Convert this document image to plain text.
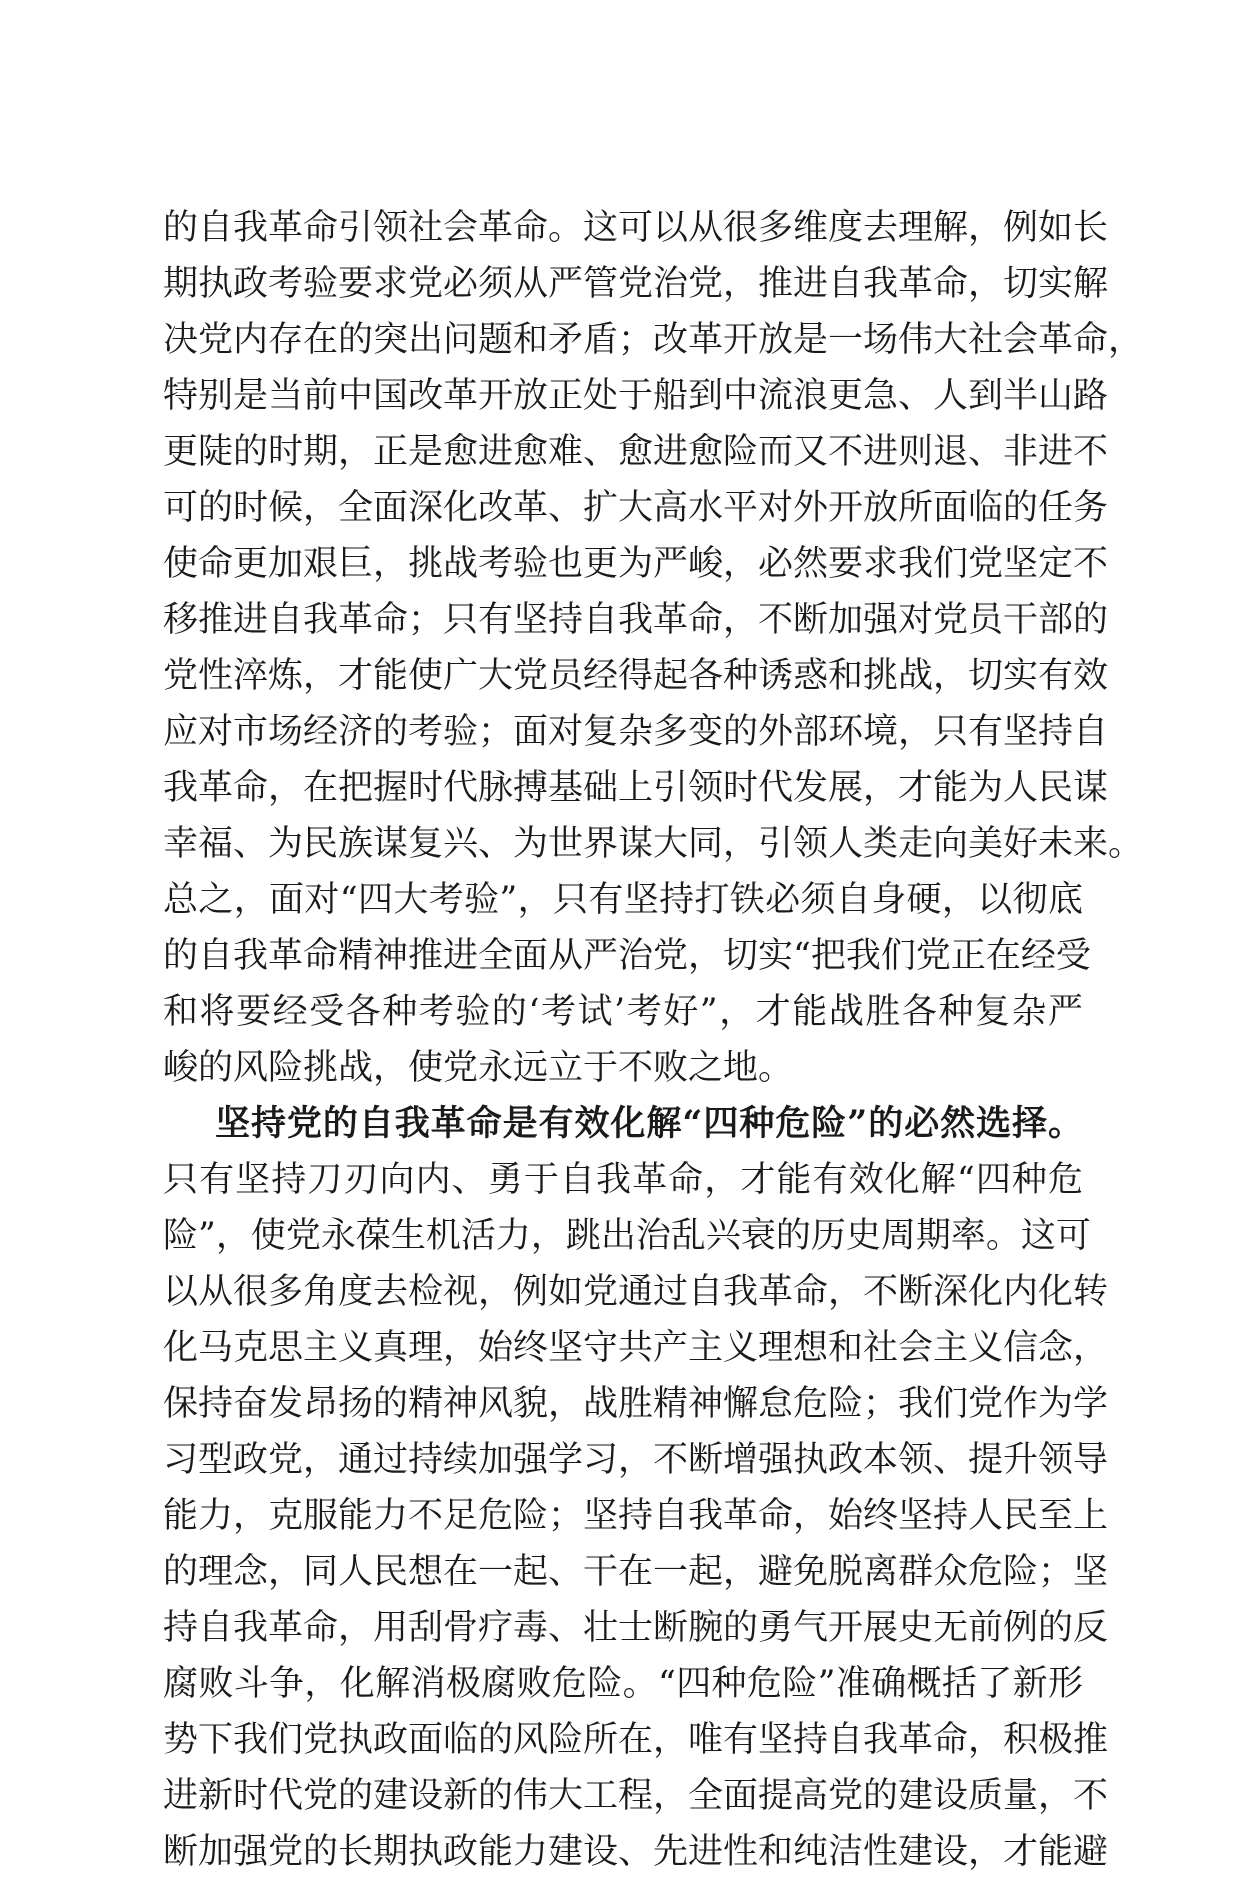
的自我革命引领社会革命。这可以从很多维度去理解，例如长
期执政考验要求党必须从严管党治党，推进自我革命，切实解
决党内存在的突出问题和矛盾；改革开放是一场伟大社会革命，
特别是当前中国改革开放正处于船到中流浪更急、人到半山路
更陡的时期，正是愈进愈难、愈进愈险而又不进则退、非进不
可的时候，全面深化改革、扩大高水平对外开放所面临的任务
使命更加艰巨，挑战考验也更为严峻，必然要求我们党坚定不
移推进自我革命；只有坚持自我革命，不断加强对党员干部的
党性淬炼，才能使广大党员经得起各种诱惑和挑战，切实有效
应对市场经济的考验；面对复杂多变的外部环境，只有坚持自
我革命，在把握时代脉搏基础上引领时代发展，才能为人民谋
幸福、为民族谋复兴、为世界谋大同，引领人类走向美好未来。
总之，面对“四大考验”，只有坚持打铁必须自身硬，以彻底
的自我革命精神推进全面从严治党，切实“把我们党正在经受
和将要经受各种考验的‘考试’考好”，才能战胜各种复杂严
峻的风险挑战，使党永远立于不败之地。
坚持党的自我革命是有效化解“四种危险”的必然选择。
只有坚持刀刃向内、勇于自我革命，才能有效化解“四种危
险”，使党永葆生机活力，跳出治乱兴衰的历史周期率。这可
以从很多角度去检视，例如党通过自我革命，不断深化内化转
化马克思主义真理，始终坚守共产主义理想和社会主义信念，
保持奋发昂扬的精神风貌，战胜精神懈怠危险；我们党作为学
习型政党，通过持续加强学习，不断增强执政本领、提升领导
能力，克服能力不足危险；坚持自我革命，始终坚持人民至上
的理念，同人民想在一起、干在一起，避免脱离群众危险；坚
持自我革命，用刮骨疗毒、壮士断腕的勇气开展史无前例的反
腐败斗争，化解消极腐败危险。“四种危险”准确概括了新形
势下我们党执政面临的风险所在，唯有坚持自我革命，积极推
进新时代党的建设新的伟大工程，全面提高党的建设质量，不
断加强党的长期执政能力建设、先进性和纯洁性建设，才能避
